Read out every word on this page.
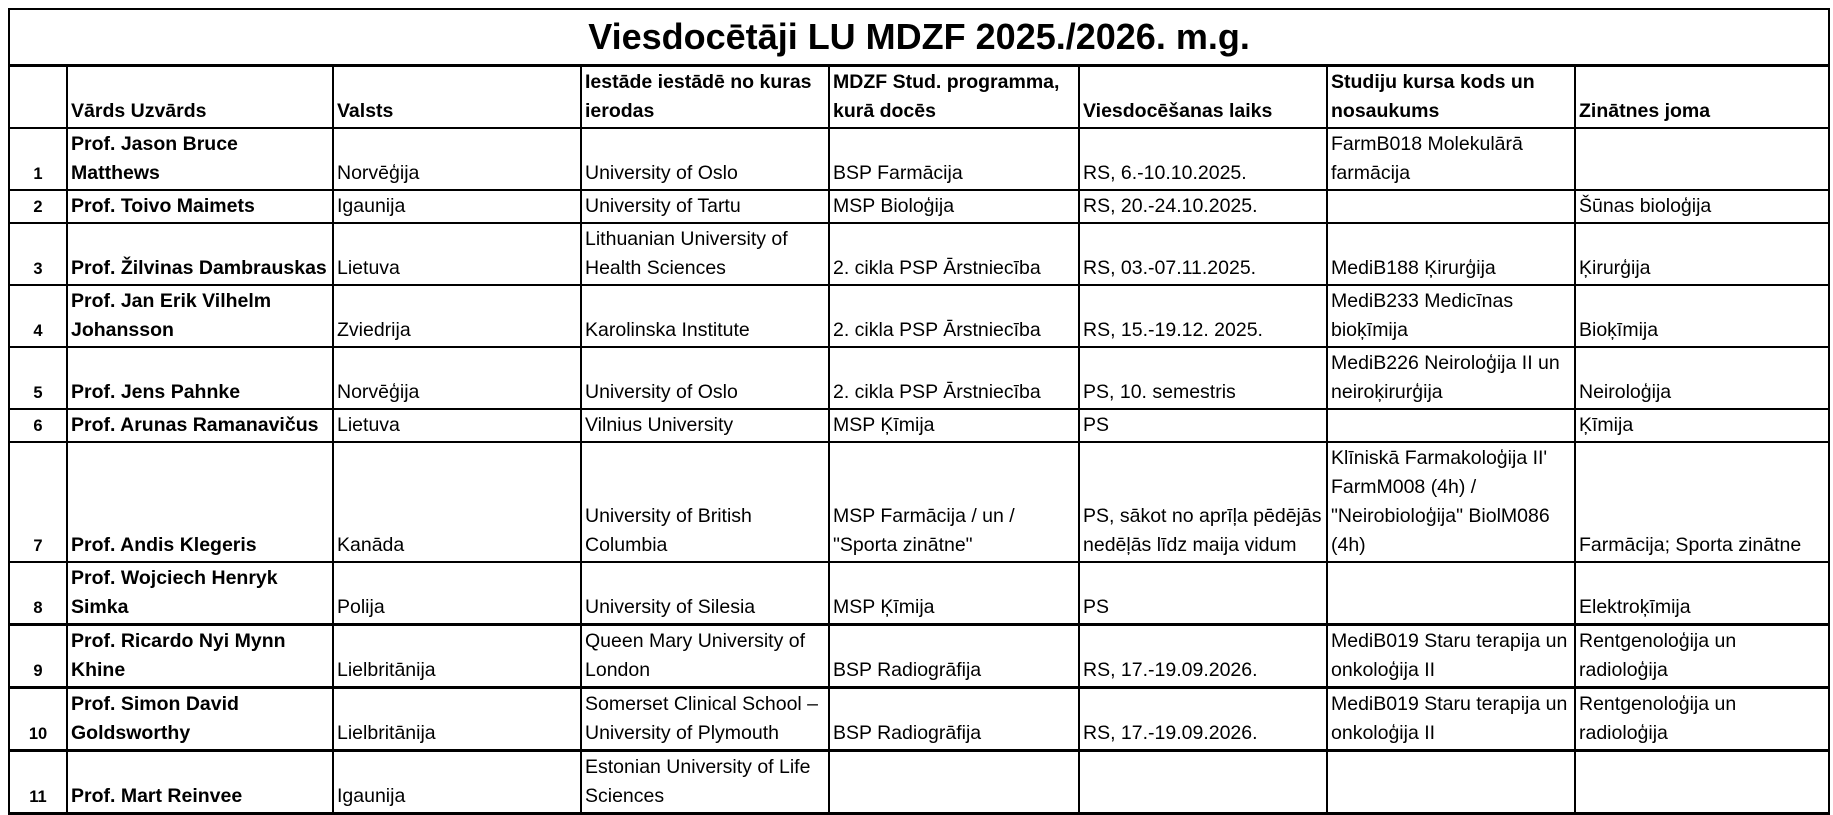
Viesdocētāji LU MDZF 2025./2026. m.g.							
	Vārds Uzvārds	Valsts	Iestāde iestādē no kuras ierodas	MDZF Stud. programma, kurā docēs	Viesdocēšanas laiks	Studiju kursa kods un nosaukums	Zinātnes joma
1	Prof. Jason Bruce Matthews	Norvēģija	University of Oslo	BSP Farmācija	RS, 6.-10.10.2025.	FarmB018 Molekulārā farmācija	
2	Prof. Toivo Maimets	Igaunija	University of Tartu	MSP Bioloģija	RS, 20.-24.10.2025.		Šūnas bioloģija
3	Prof. Žilvinas Dambrauskas	Lietuva	Lithuanian University of Health Sciences	2. cikla PSP Ārstniecība	RS, 03.-07.11.2025.	MediB188 Ķirurģija	Ķirurģija
4	Prof. Jan Erik Vilhelm Johansson	Zviedrija	Karolinska Institute	2. cikla PSP Ārstniecība	RS, 15.-19.12. 2025.	MediB233 Medicīnas bioķīmija	Bioķīmija
5	Prof. Jens Pahnke	Norvēģija	University of Oslo	2. cikla PSP Ārstniecība	PS, 10. semestris	MediB226 Neiroloģija II un neiroķirurģija	Neiroloģija
6	Prof. Arunas Ramanavičus	Lietuva	Vilnius University	MSP Ķīmija	PS		Ķīmija
7	Prof. Andis Klegeris	Kanāda	University of British Columbia	MSP Farmācija / un / "Sporta zinātne"	PS, sākot no aprīļa pēdējās nedēļās līdz maija vidum	Klīniskā Farmakoloģija II' FarmM008 (4h) / "Neirobioloģija" BiolM086 (4h)	Farmācija; Sporta zinātne
8	Prof. Wojciech Henryk Simka	Polija	University of Silesia	MSP Ķīmija	PS		Elektroķīmija
9	Prof. Ricardo Nyi Mynn Khine	Lielbritānija	Queen Mary University of London	BSP Radiogrāfija	RS, 17.-19.09.2026.	MediB019 Staru terapija un onkoloģija II	Rentgenoloģija un radioloģija
10	Prof. Simon David Goldsworthy	Lielbritānija	Somerset Clinical School – University of Plymouth	BSP Radiogrāfija	RS, 17.-19.09.2026.	MediB019 Staru terapija un onkoloģija II	Rentgenoloģija un radioloģija
11	Prof. Mart Reinvee	Igaunija	Estonian University of Life Sciences				
